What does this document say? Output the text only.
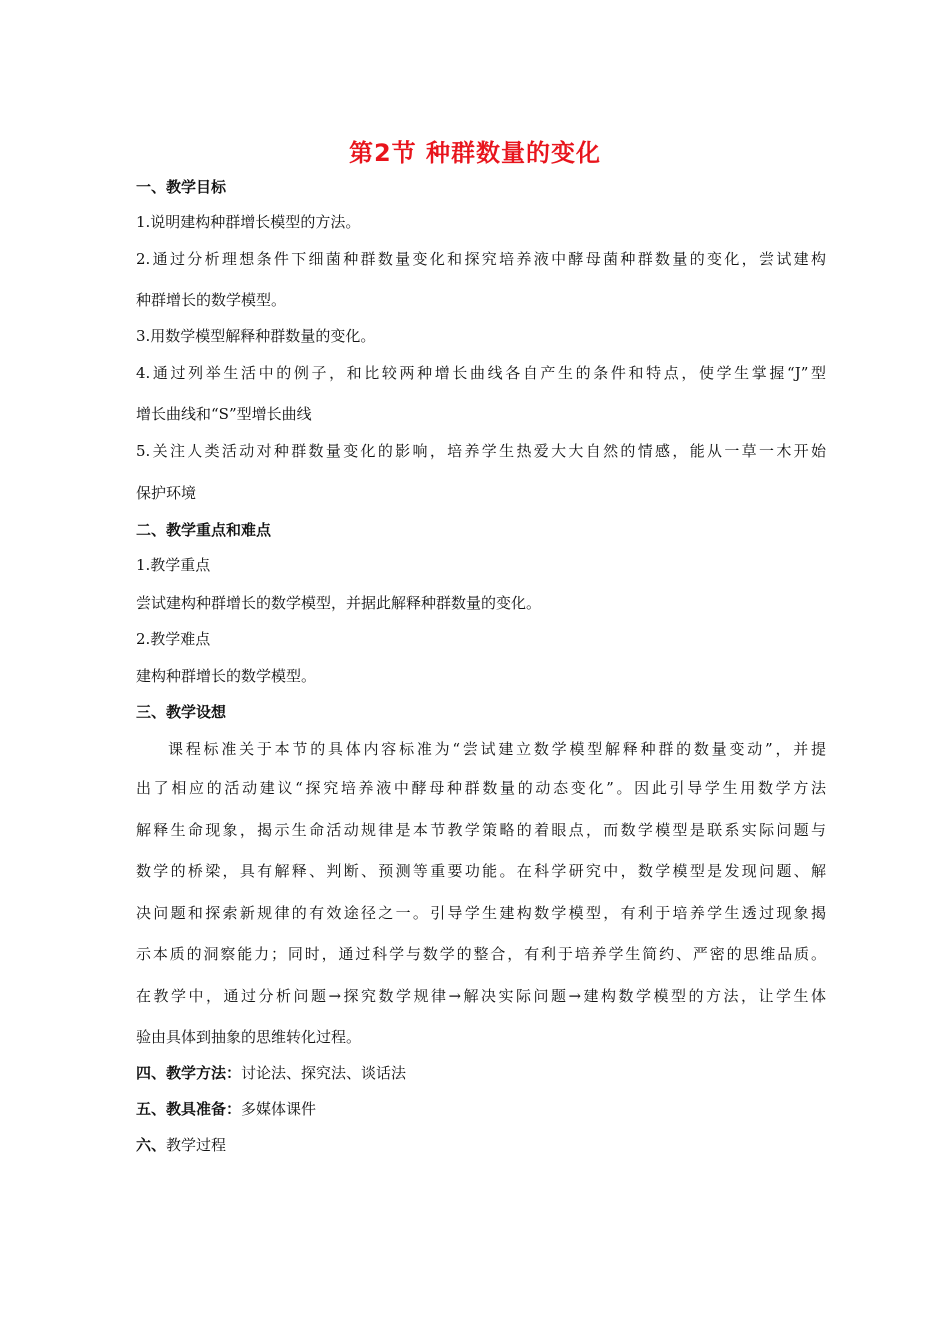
第2节 种群数量的变化
一、教学目标
1.说明建构种群增长模型的方法。
2.通过分析理想条件下细菌种群数量变化和探究培养液中酵母菌种群数量的变化，尝试建构
种群增长的数学模型。
3.用数学模型解释种群数量的变化。
4.通过列举生活中的例子，和比较两种增长曲线各自产生的条件和特点，使学生掌握“J”型
增长曲线和“S”型增长曲线
5.关注人类活动对种群数量变化的影响，培养学生热爱大大自然的情感，能从一草一木开始
保护环境
二、教学重点和难点
1.教学重点
尝试建构种群增长的数学模型，并据此解释种群数量的变化。
2.教学难点
建构种群增长的数学模型。
三、教学设想
课程标准关于本节的具体内容标准为“尝试建立数学模型解释种群的数量变动”，并提
出了相应的活动建议“探究培养液中酵母种群数量的动态变化”。因此引导学生用数学方法
解释生命现象，揭示生命活动规律是本节教学策略的着眼点，而数学模型是联系实际问题与
数学的桥梁，具有解释、判断、预测等重要功能。在科学研究中，数学模型是发现问题、解
决问题和探索新规律的有效途径之一。引导学生建构数学模型，有利于培养学生透过现象揭
示本质的洞察能力；同时，通过科学与数学的整合，有利于培养学生简约、严密的思维品质。
在教学中，通过分析问题→探究数学规律→解决实际问题→建构数学模型的方法，让学生体
验由具体到抽象的思维转化过程。
四、教学方法：讨论法、探究法、谈话法
五、教具准备：多媒体课件
六、教学过程
